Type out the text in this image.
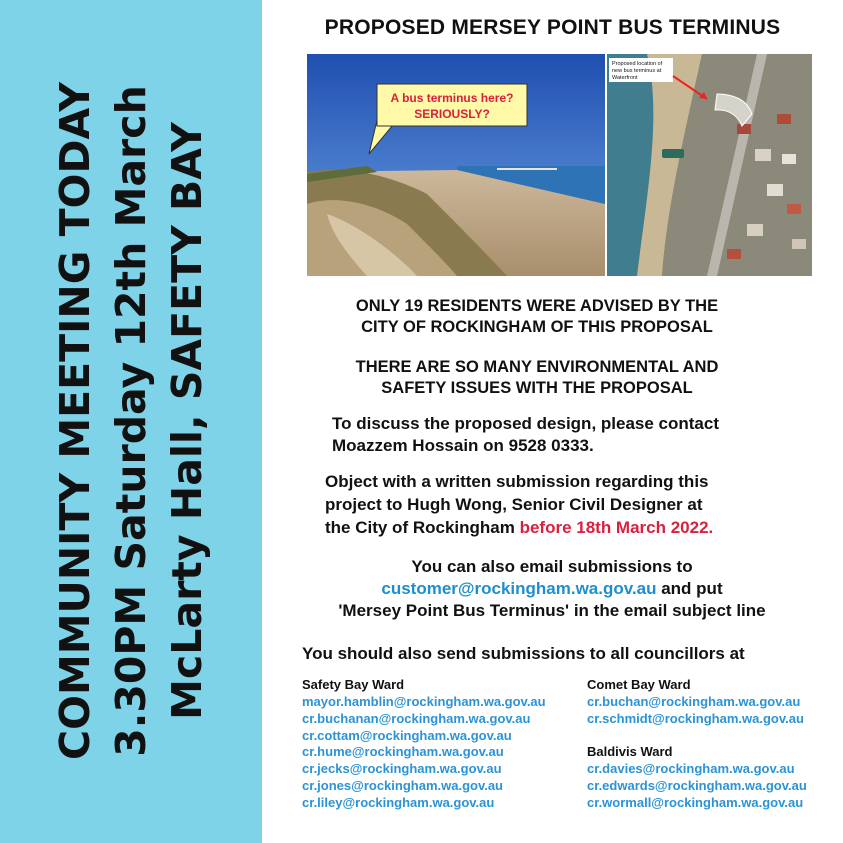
COMMUNITY MEETING TODAY 3.30PM Saturday 12th March McLarty Hall, SAFETY BAY
PROPOSED MERSEY POINT BUS TERMINUS
A bus terminus here?
SERIOUSLY?
Proposed location of
new bus terminus at
Waterfront
ONLY 19 RESIDENTS WERE ADVISED BY THE
CITY OF ROCKINGHAM OF THIS PROPOSAL
THERE ARE SO MANY ENVIRONMENTAL AND
SAFETY ISSUES WITH THE PROPOSAL
To discuss the proposed design, please contact
Moazzem Hossain on 9528 0333.
Object with a written submission regarding this
project to Hugh Wong, Senior Civil Designer at
the City of Rockingham before 18th March 2022.
You can also email submissions to
customer@rockingham.wa.gov.au and put
'Mersey Point Bus Terminus' in the email subject line
You should also send submissions to all councillors at
Safety Bay Ward
mayor.hamblin@rockingham.wa.gov.au
cr.buchanan@rockingham.wa.gov.au
cr.cottam@rockingham.wa.gov.au
cr.hume@rockingham.wa.gov.au
cr.jecks@rockingham.wa.gov.au
cr.jones@rockingham.wa.gov.au
cr.liley@rockingham.wa.gov.au
Comet Bay Ward
cr.buchan@rockingham.wa.gov.au
cr.schmidt@rockingham.wa.gov.au
Baldivis Ward
cr.davies@rockingham.wa.gov.au
cr.edwards@rockingham.wa.gov.au
cr.wormall@rockingham.wa.gov.au
